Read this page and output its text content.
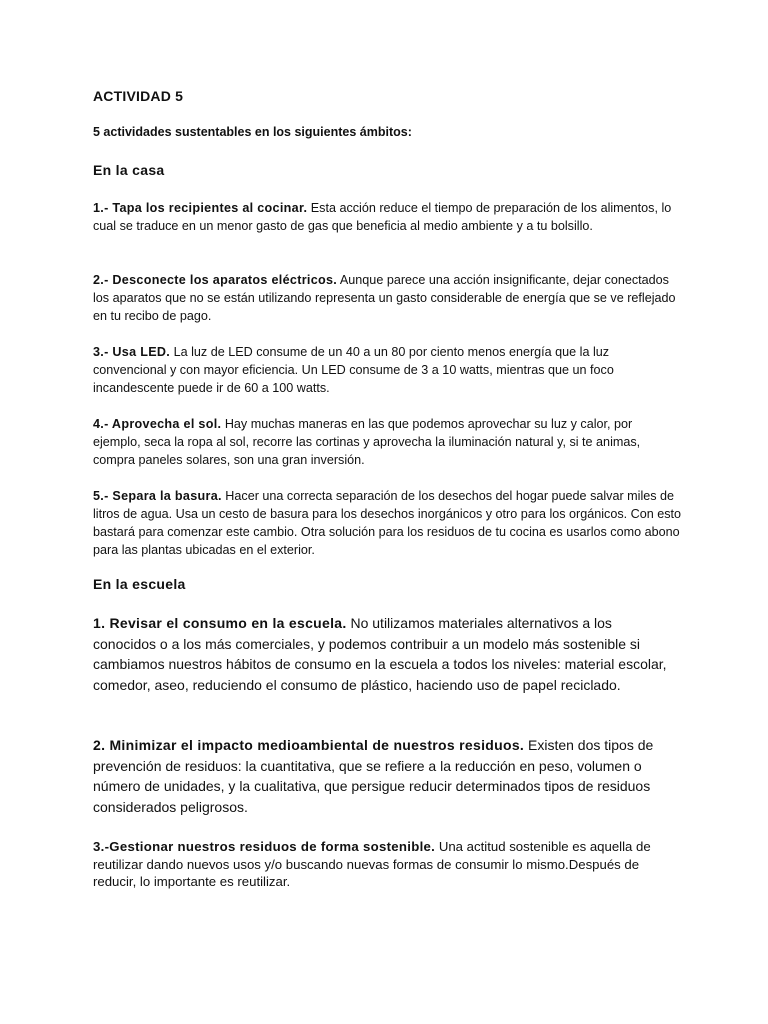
ACTIVIDAD 5

5 actividades sustentables en los siguientes ámbitos:

En la casa

1.- Tapa los recipientes al cocinar. Esta acción reduce el tiempo de preparación de los alimentos, lo cual se traduce en un menor gasto de gas que beneficia al medio ambiente y a tu bolsillo.

2.- Desconecte los aparatos eléctricos. Aunque parece una acción insignificante, dejar conectados los aparatos que no se están utilizando representa un gasto considerable de energía que se ve reflejado en tu recibo de pago.

3.- Usa LED. La luz de LED consume de un 40 a un 80 por ciento menos energía que la luz convencional y con mayor eficiencia. Un LED consume de 3 a 10 watts, mientras que un foco incandescente puede ir de 60 a 100 watts.

4.- Aprovecha el sol. Hay muchas maneras en las que podemos aprovechar su luz y calor, por ejemplo, seca la ropa al sol, recorre las cortinas y aprovecha la iluminación natural y, si te animas, compra paneles solares, son una gran inversión.

5.- Separa la basura. Hacer una correcta separación de los desechos del hogar puede salvar miles de litros de agua. Usa un cesto de basura para los desechos inorgánicos y otro para los orgánicos. Con esto bastará para comenzar este cambio. Otra solución para los residuos de tu cocina es usarlos como abono para las plantas ubicadas en el exterior.

En la escuela

1. Revisar el consumo en la escuela. No utilizamos materiales alternativos a los conocidos o a los más comerciales, y podemos contribuir a un modelo más sostenible si cambiamos nuestros hábitos de consumo en la escuela a todos los niveles: material escolar, comedor, aseo, reduciendo el consumo de plástico, haciendo uso de papel reciclado.

2. Minimizar el impacto medioambiental de nuestros residuos. Existen dos tipos de prevención de residuos: la cuantitativa, que se refiere a la reducción en peso, volumen o número de unidades, y la cualitativa, que persigue reducir determinados tipos de residuos considerados peligrosos.

3.-Gestionar nuestros residuos de forma sostenible. Una actitud sostenible es aquella de reutilizar dando nuevos usos y/o buscando nuevas formas de consumir lo mismo.Después de reducir, lo importante es reutilizar.
